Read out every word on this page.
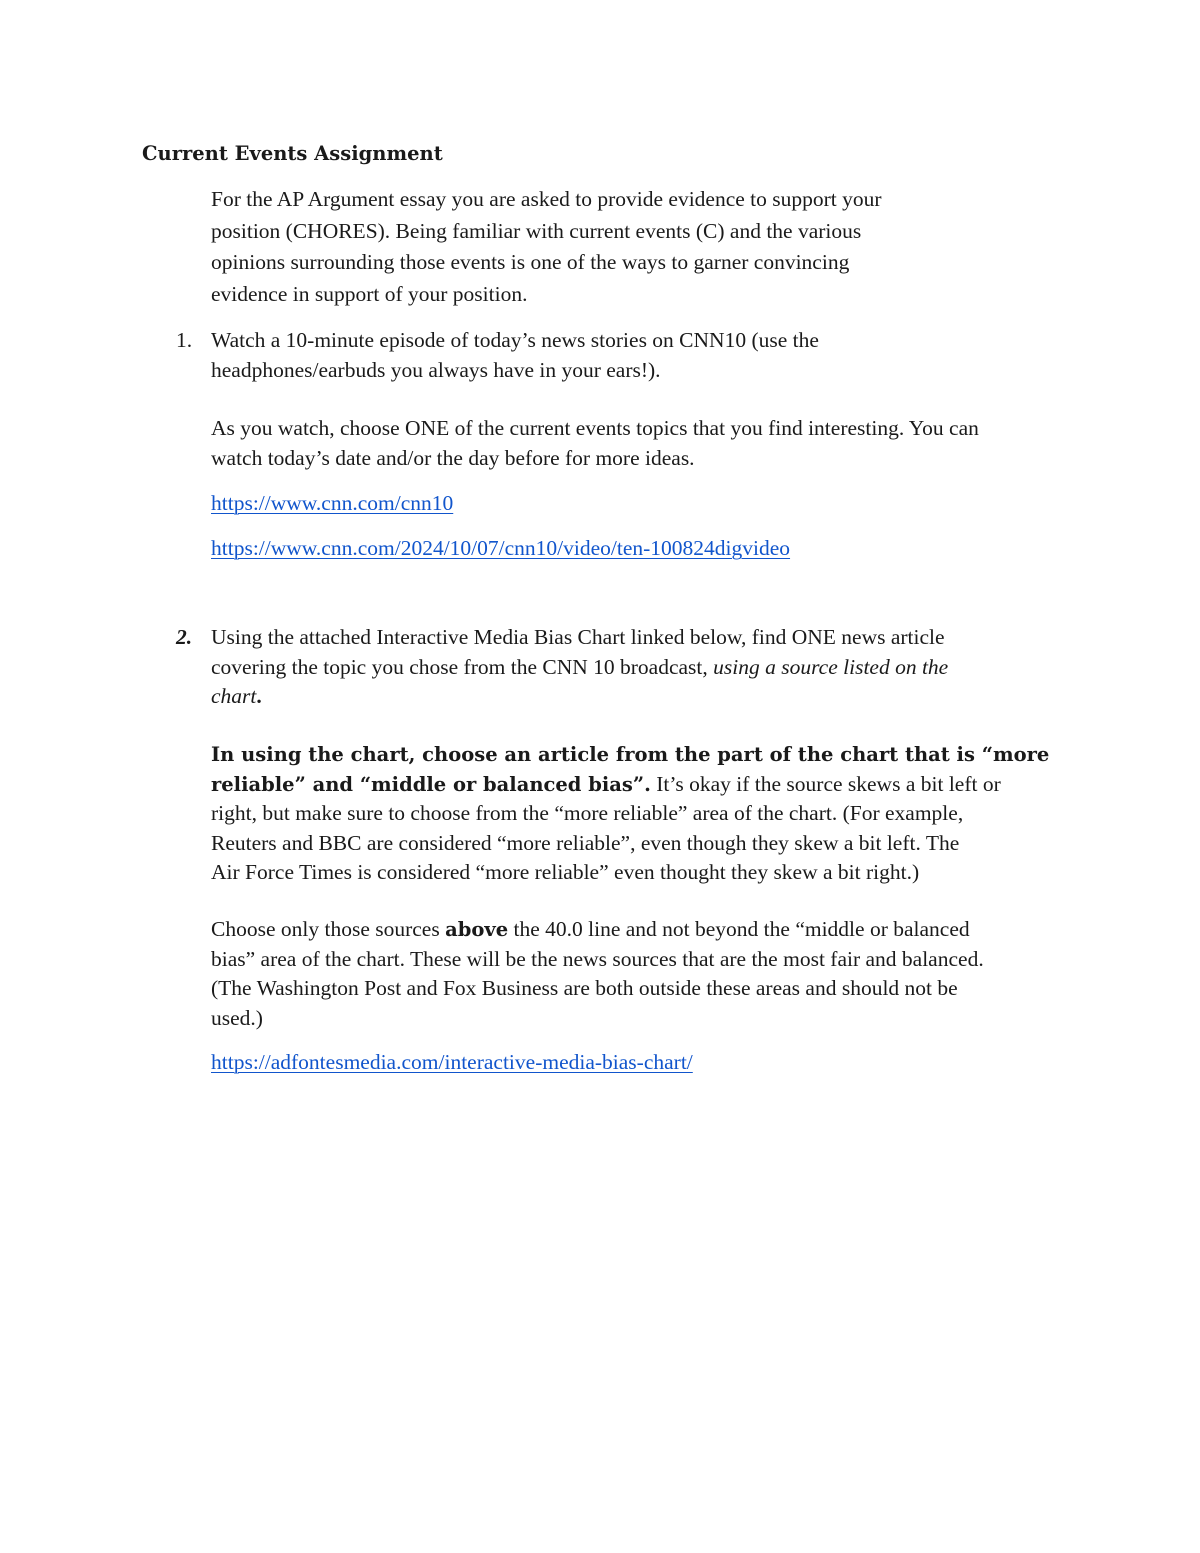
Current Events Assignment
For the AP Argument essay you are asked to provide evidence to support your
position (CHORES). Being familiar with current events (C) and the various
opinions surrounding those events is one of the ways to garner convincing
evidence in support of your position.
1. Watch a 10-minute episode of today’s news stories on CNN10 (use the
headphones/earbuds you always have in your ears!).
As you watch, choose ONE of the current events topics that you find interesting. You can
watch today’s date and/or the day before for more ideas.
https://www.cnn.com/cnn10
https://www.cnn.com/2024/10/07/cnn10/video/ten-100824digvideo
2. Using the attached Interactive Media Bias Chart linked below, find ONE news article
covering the topic you chose from the CNN 10 broadcast, using a source listed on the
chart.
In using the chart, choose an article from the part of the chart that is “more
reliable” and “middle or balanced bias”. It’s okay if the source skews a bit left or
right, but make sure to choose from the “more reliable” area of the chart. (For example,
Reuters and BBC are considered “more reliable”, even though they skew a bit left. The
Air Force Times is considered “more reliable” even thought they skew a bit right.)
Choose only those sources above the 40.0 line and not beyond the “middle or balanced
bias” area of the chart. These will be the news sources that are the most fair and balanced.
(The Washington Post and Fox Business are both outside these areas and should not be
used.)
https://adfontesmedia.com/interactive-media-bias-chart/
